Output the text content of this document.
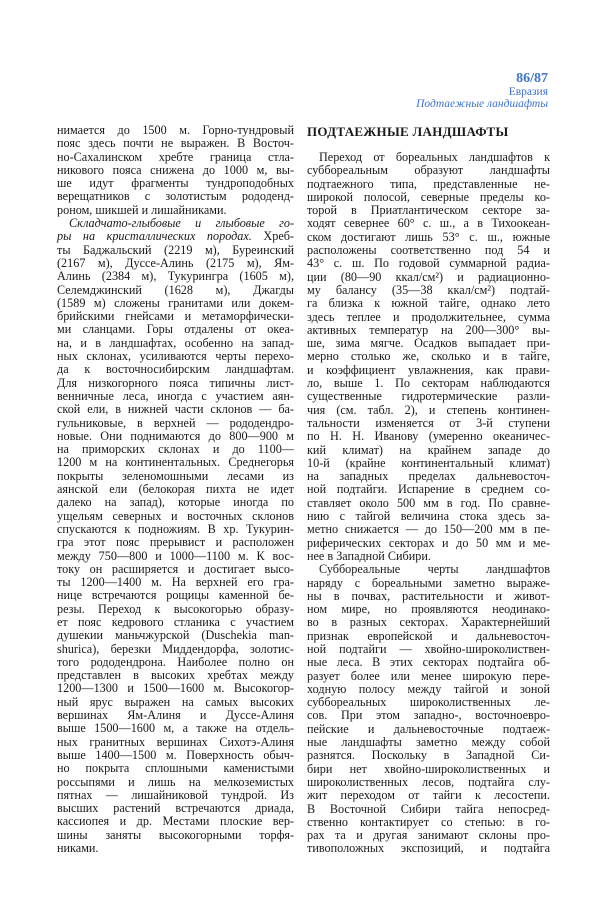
86/87
Евразия
Подтаежные ландшафты
нимается до 1500 м. Горно-тундровый
пояс здесь почти не выражен. В Восточ-
но-Сахалинском хребте граница стла-
никового пояса снижена до 1000 м, вы-
ше идут фрагменты тундроподобных
верещатников с золотистым рододенд-
роном, шикшей и лишайниками.
Складчато-глыбовые и глыбовые го-
ры на кристаллических породах. Хреб-
ты Баджальский (2219 м), Буреинский
(2167 м), Дуссе-Алинь (2175 м), Ям-
Алинь (2384 м), Тукурингра (1605 м),
Селемджинский (1628 м), Джагды
(1589 м) сложены гранитами или докем-
брийскими гнейсами и метаморфически-
ми сланцами. Горы отдалены от океа-
на, и в ландшафтах, особенно на запад-
ных склонах, усиливаются черты перехо-
да к восточносибирским ландшафтам.
Для низкогорного пояса типичны лист-
венничные леса, иногда с участием аян-
ской ели, в нижней части склонов — ба-
гульниковые, в верхней — рододендро-
новые. Они поднимаются до 800—900 м
на приморских склонах и до 1100—
1200 м на континентальных. Среднегорья
покрыты зеленомошными лесами из
аянской ели (белокорая пихта не идет
далеко на запад), которые иногда по
ущельям северных и восточных склонов
спускаются к подножиям. В хр. Тукурин-
гра этот пояс прерывист и расположен
между 750—800 и 1000—1100 м. К вос-
току он расширяется и достигает высо-
ты 1200—1400 м. На верхней его гра-
нице встречаются рощицы каменной бе-
резы. Переход к высокогорью образу-
ет пояс кедрового стланика с участием
душекии маньчжурской (Duschekia man-
shurica), березки Миддендорфа, золотис-
того рододендрона. Наиболее полно он
представлен в высоких хребтах между
1200—1300 и 1500—1600 м. Высокогор-
ный ярус выражен на самых высоких
вершинах Ям-Алиня и Дуссе-Алиня
выше 1500—1600 м, а также на отдель-
ных гранитных вершинах Сихотэ-Алиня
выше 1400—1500 м. Поверхность обыч-
но покрыта сплошными каменистыми
россыпями и лишь на мелкоземистых
пятнах — лишайниковой тундрой. Из
высших растений встречаются дриада,
кассиопея и др. Местами плоские вер-
шины заняты высокогорными торфя-
никами.
ПОДТАЕЖНЫЕ ЛАНДШАФТЫ
Переход от бореальных ландшафтов к
суббореальным образуют ландшафты
подтаежного типа, представленные не-
широкой полосой, северные пределы ко-
торой в Приатлантическом секторе за-
ходят севернее 60° с. ш., а в Тихоокеан-
ском достигают лишь 53° с. ш., южные
расположены соответственно под 54 и
43° с. ш. По годовой суммарной радиа-
ции (80—90 ккал/см²) и радиационно-
му балансу (35—38 ккал/см²) подтай-
га близка к южной тайге, однако лето
здесь теплее и продолжительнее, сумма
активных температур на 200—300° вы-
ше, зима мягче. Осадков выпадает при-
мерно столько же, сколько и в тайге,
и коэффициент увлажнения, как прави-
ло, выше 1. По секторам наблюдаются
существенные гидротермические разли-
чия (см. табл. 2), и степень континен-
тальности изменяется от 3-й ступени
по Н. Н. Иванову (умеренно океаничес-
кий климат) на крайнем западе до
10-й (крайне континентальный климат)
на западных пределах дальневосточ-
ной подтайги. Испарение в среднем со-
ставляет около 500 мм в год. По сравне-
нию с тайгой величина стока здесь за-
метно снижается — до 150—200 мм в пе-
риферических секторах и до 50 мм и ме-
нее в Западной Сибири.
Суббореальные черты ландшафтов
наряду с бореальными заметно выраже-
ны в почвах, растительности и живот-
ном мире, но проявляются неодинако-
во в разных секторах. Характернейший
признак европейской и дальневосточ-
ной подтайги — хвойно-широколиствен-
ные леса. В этих секторах подтайга об-
разует более или менее широкую пере-
ходную полосу между тайгой и зоной
суббореальных широколиственных ле-
сов. При этом западно-, восточноевро-
пейские и дальневосточные подтаеж-
ные ландшафты заметно между собой
разнятся. Поскольку в Западной Си-
бири нет хвойно-широколиственных и
широколиственных лесов, подтайга слу-
жит переходом от тайги к лесостепи.
В Восточной Сибири тайга непосред-
ственно контактирует со степью: в го-
рах та и другая занимают склоны про-
тивоположных экспозиций, и подтайга
